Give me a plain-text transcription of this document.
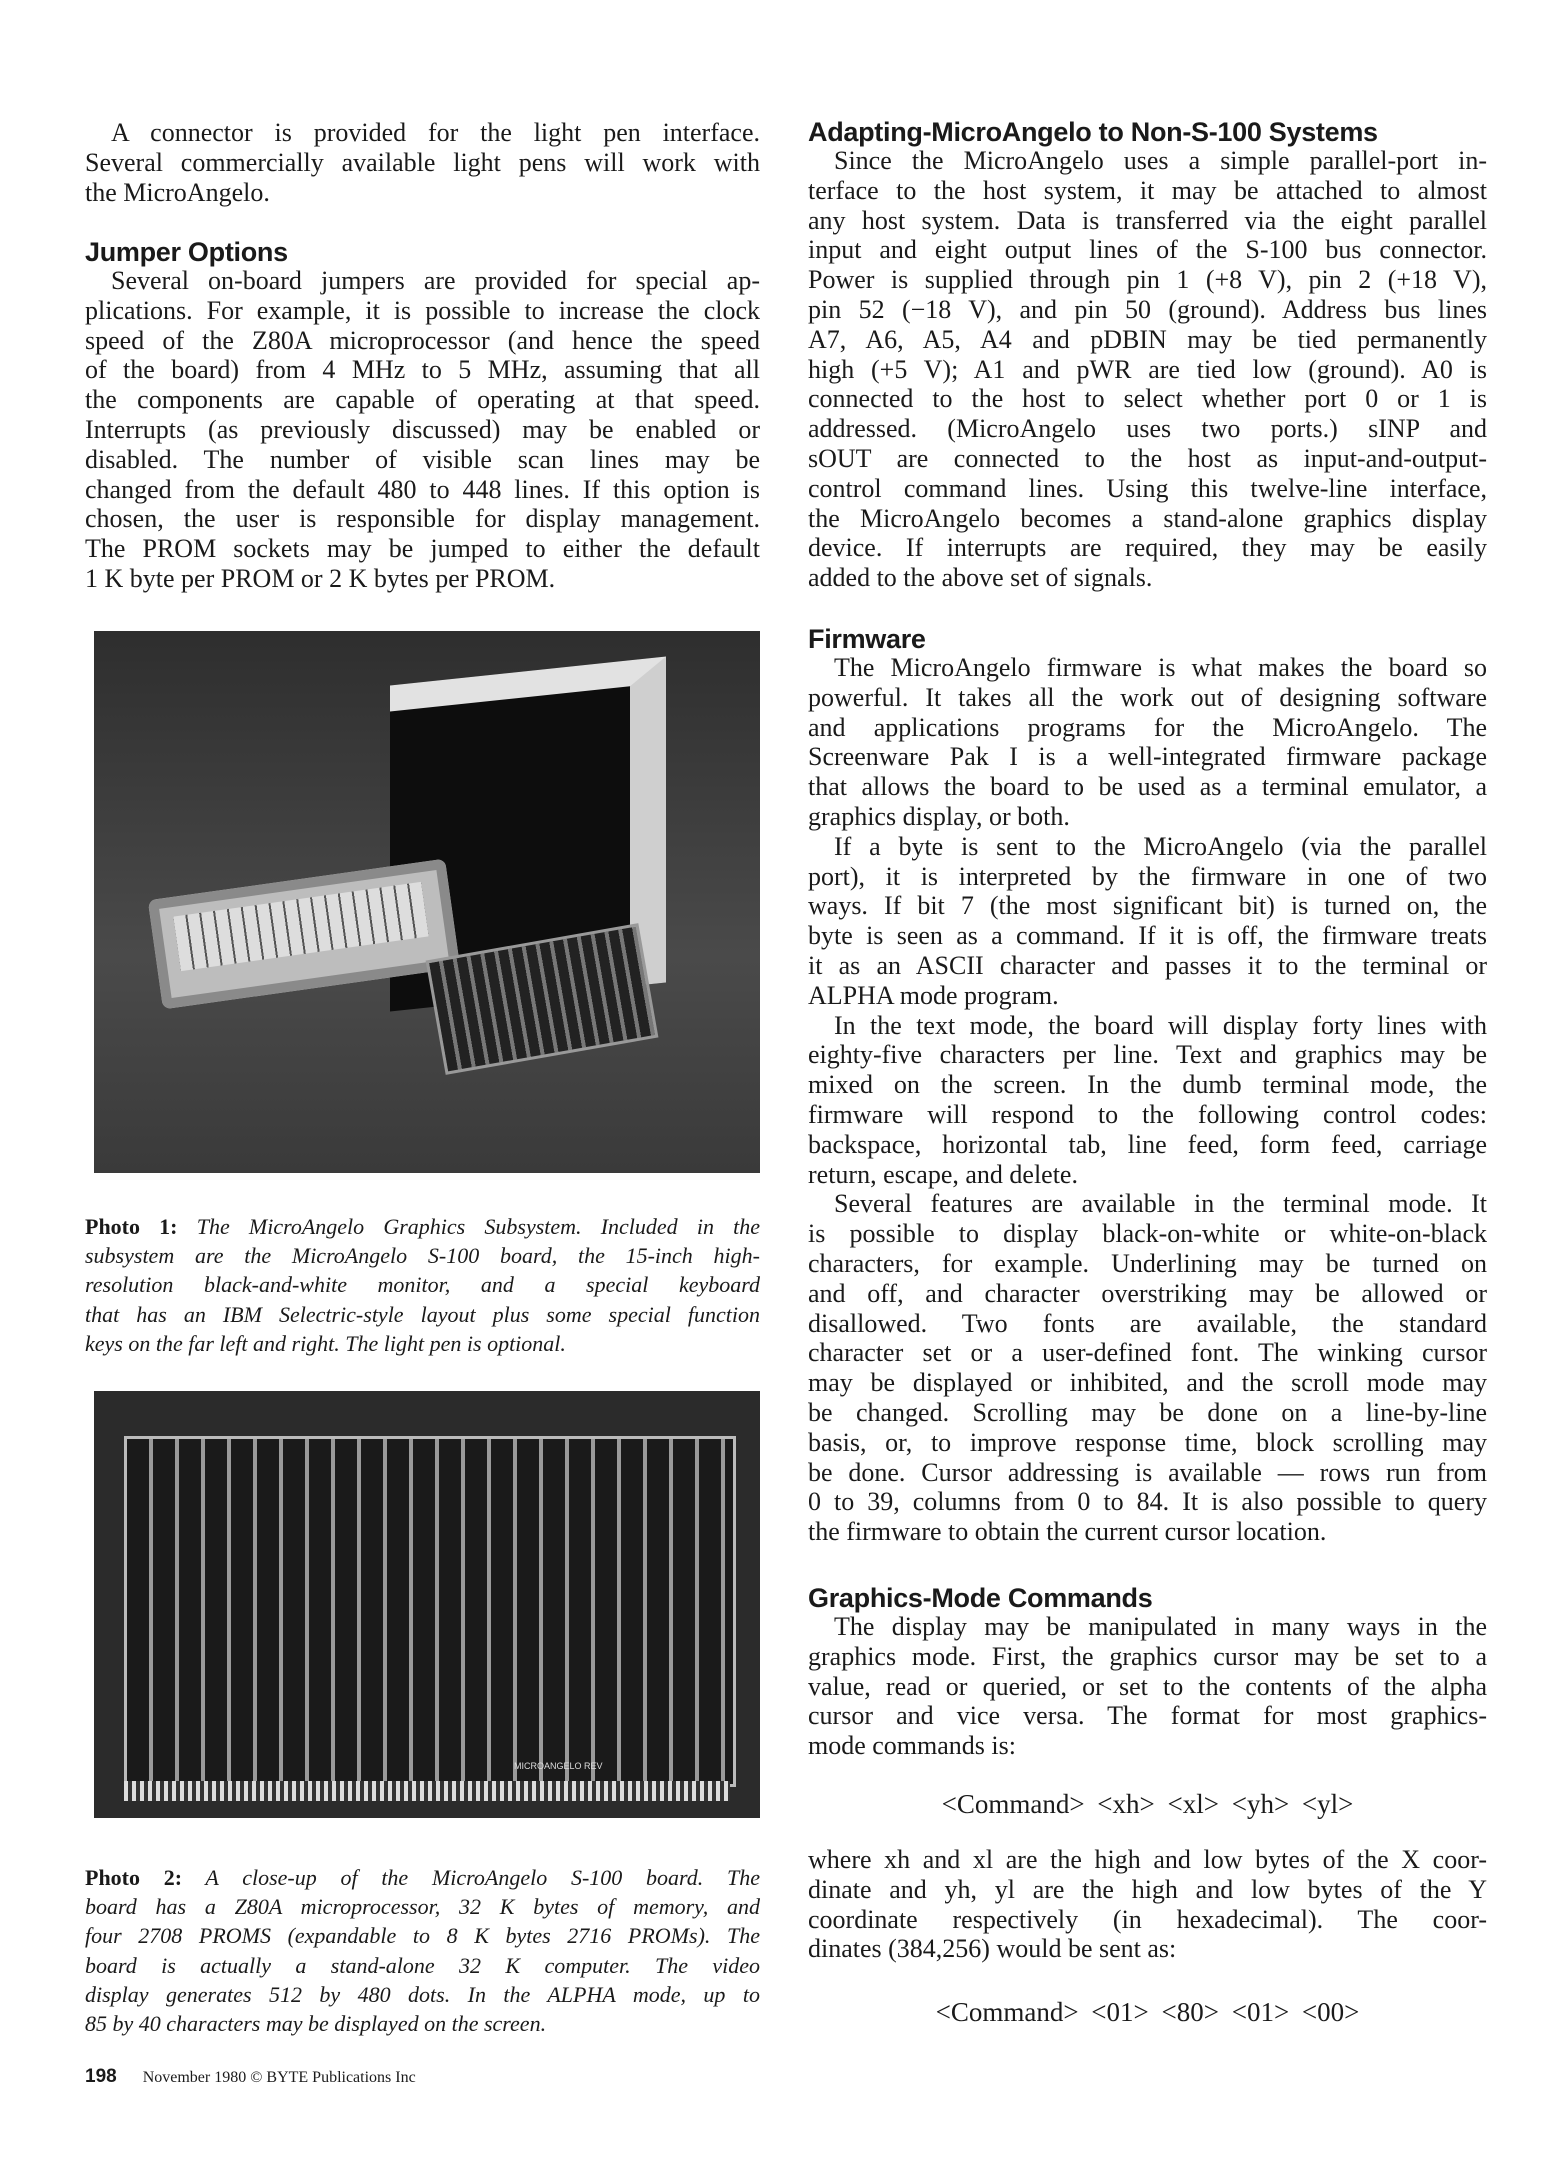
A connector is provided for the light pen interface.
Several commercially available light pens will work with
the MicroAngelo.
Jumper Options
Several on-board jumpers are provided for special ap-
plications. For example, it is possible to increase the clock
speed of the Z80A microprocessor (and hence the speed
of the board) from 4 MHz to 5 MHz, assuming that all
the components are capable of operating at that speed.
Interrupts (as previously discussed) may be enabled or
disabled. The number of visible scan lines may be
changed from the default 480 to 448 lines. If this option is
chosen, the user is responsible for display management.
The PROM sockets may be jumped to either the default
1 K byte per PROM or 2 K bytes per PROM.
Photo 1: The MicroAngelo Graphics Subsystem. Included in the
subsystem are the MicroAngelo S-100 board, the 15-inch high-
resolution black-and-white monitor, and a special keyboard
that has an IBM Selectric-style layout plus some special function
keys on the far left and right. The light pen is optional.
MICROANGELO REV
Photo 2: A close-up of the MicroAngelo S-100 board. The
board has a Z80A microprocessor, 32 K bytes of memory, and
four 2708 PROMS (expandable to 8 K bytes 2716 PROMs). The
board is actually a stand-alone 32 K computer. The video
display generates 512 by 480 dots. In the ALPHA mode, up to
85 by 40 characters may be displayed on the screen.
Adapting-MicroAngelo to Non-S-100 Systems
Since the MicroAngelo uses a simple parallel-port in-
terface to the host system, it may be attached to almost
any host system. Data is transferred via the eight parallel
input and eight output lines of the S-100 bus connector.
Power is supplied through pin 1 (+8 V), pin 2 (+18 V),
pin 52 (−18 V), and pin 50 (ground). Address bus lines
A7, A6, A5, A4 and pDBIN may be tied permanently
high (+5 V); A1 and pWR are tied low (ground). A0 is
connected to the host to select whether port 0 or 1 is
addressed. (MicroAngelo uses two ports.) sINP and
sOUT are connected to the host as input-and-output-
control command lines. Using this twelve-line interface,
the MicroAngelo becomes a stand-alone graphics display
device. If interrupts are required, they may be easily
added to the above set of signals.
Firmware
The MicroAngelo firmware is what makes the board so
powerful. It takes all the work out of designing software
and applications programs for the MicroAngelo. The
Screenware Pak I is a well-integrated firmware package
that allows the board to be used as a terminal emulator, a
graphics display, or both.
If a byte is sent to the MicroAngelo (via the parallel
port), it is interpreted by the firmware in one of two
ways. If bit 7 (the most significant bit) is turned on, the
byte is seen as a command. If it is off, the firmware treats
it as an ASCII character and passes it to the terminal or
ALPHA mode program.
In the text mode, the board will display forty lines with
eighty-five characters per line. Text and graphics may be
mixed on the screen. In the dumb terminal mode, the
firmware will respond to the following control codes:
backspace, horizontal tab, line feed, form feed, carriage
return, escape, and delete.
Several features are available in the terminal mode. It
is possible to display black-on-white or white-on-black
characters, for example. Underlining may be turned on
and off, and character overstriking may be allowed or
disallowed. Two fonts are available, the standard
character set or a user-defined font. The winking cursor
may be displayed or inhibited, and the scroll mode may
be changed. Scrolling may be done on a line-by-line
basis, or, to improve response time, block scrolling may
be done. Cursor addressing is available — rows run from
0 to 39, columns from 0 to 84. It is also possible to query
the firmware to obtain the current cursor location.
Graphics-Mode Commands
The display may be manipulated in many ways in the
graphics mode. First, the graphics cursor may be set to a
value, read or queried, or set to the contents of the alpha
cursor and vice versa. The format for most graphics-
mode commands is:
<Command> <xh> <xl> <yh> <yl>
where xh and xl are the high and low bytes of the X coor-
dinate and yh, yl are the high and low bytes of the Y
coordinate respectively (in hexadecimal). The coor-
dinates (384,256) would be sent as:
<Command> <01> <80> <01> <00>
198 November 1980 © BYTE Publications Inc
